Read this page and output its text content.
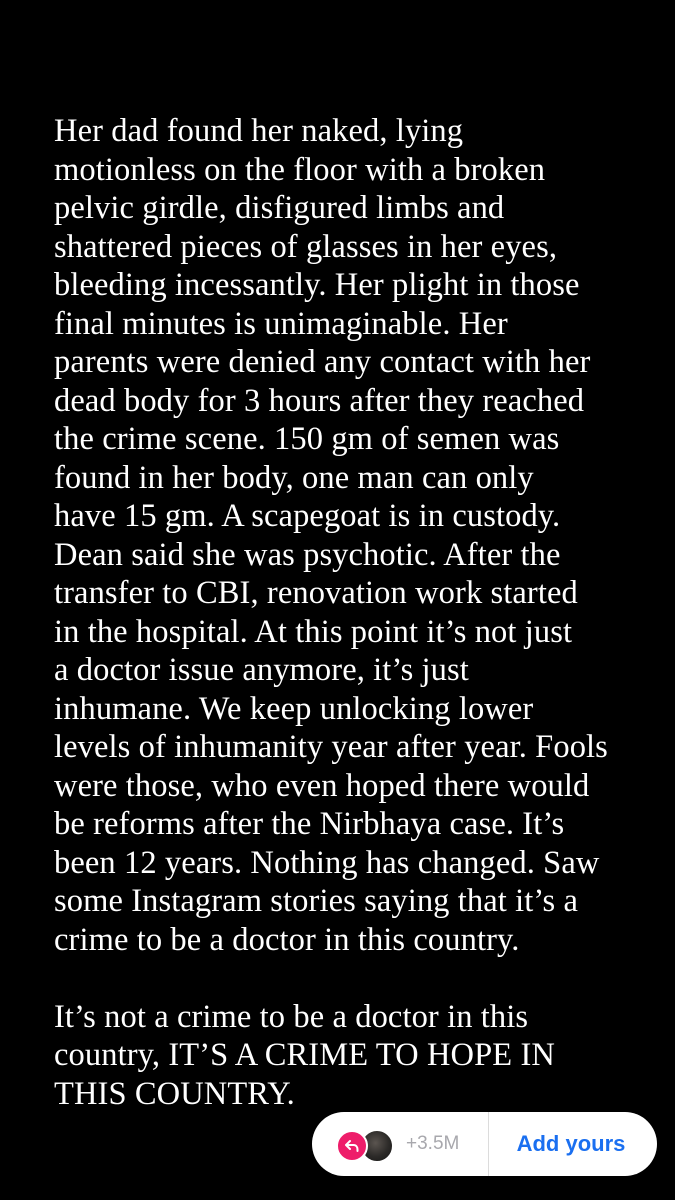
Her dad found her naked, lying
motionless on the floor with a broken
pelvic girdle, disfigured limbs and
shattered pieces of glasses in her eyes,
bleeding incessantly. Her plight in those
final minutes is unimaginable. Her
parents were denied any contact with her
dead body for 3 hours after they reached
the crime scene. 150 gm of semen was
found in her body, one man can only
have 15 gm. A scapegoat is in custody.
Dean said she was psychotic. After the
transfer to CBI, renovation work started
in the hospital. At this point it’s not just
a doctor issue anymore, it’s just
inhumane. We keep unlocking lower
levels of inhumanity year after year. Fools
were those, who even hoped there would
be reforms after the Nirbhaya case. It’s
been 12 years. Nothing has changed. Saw
some Instagram stories saying that it’s a
crime to be a doctor in this country.

It’s not a crime to be a doctor in this
country, IT’S A CRIME TO HOPE IN
THIS COUNTRY.

+3.5M	Add yours
